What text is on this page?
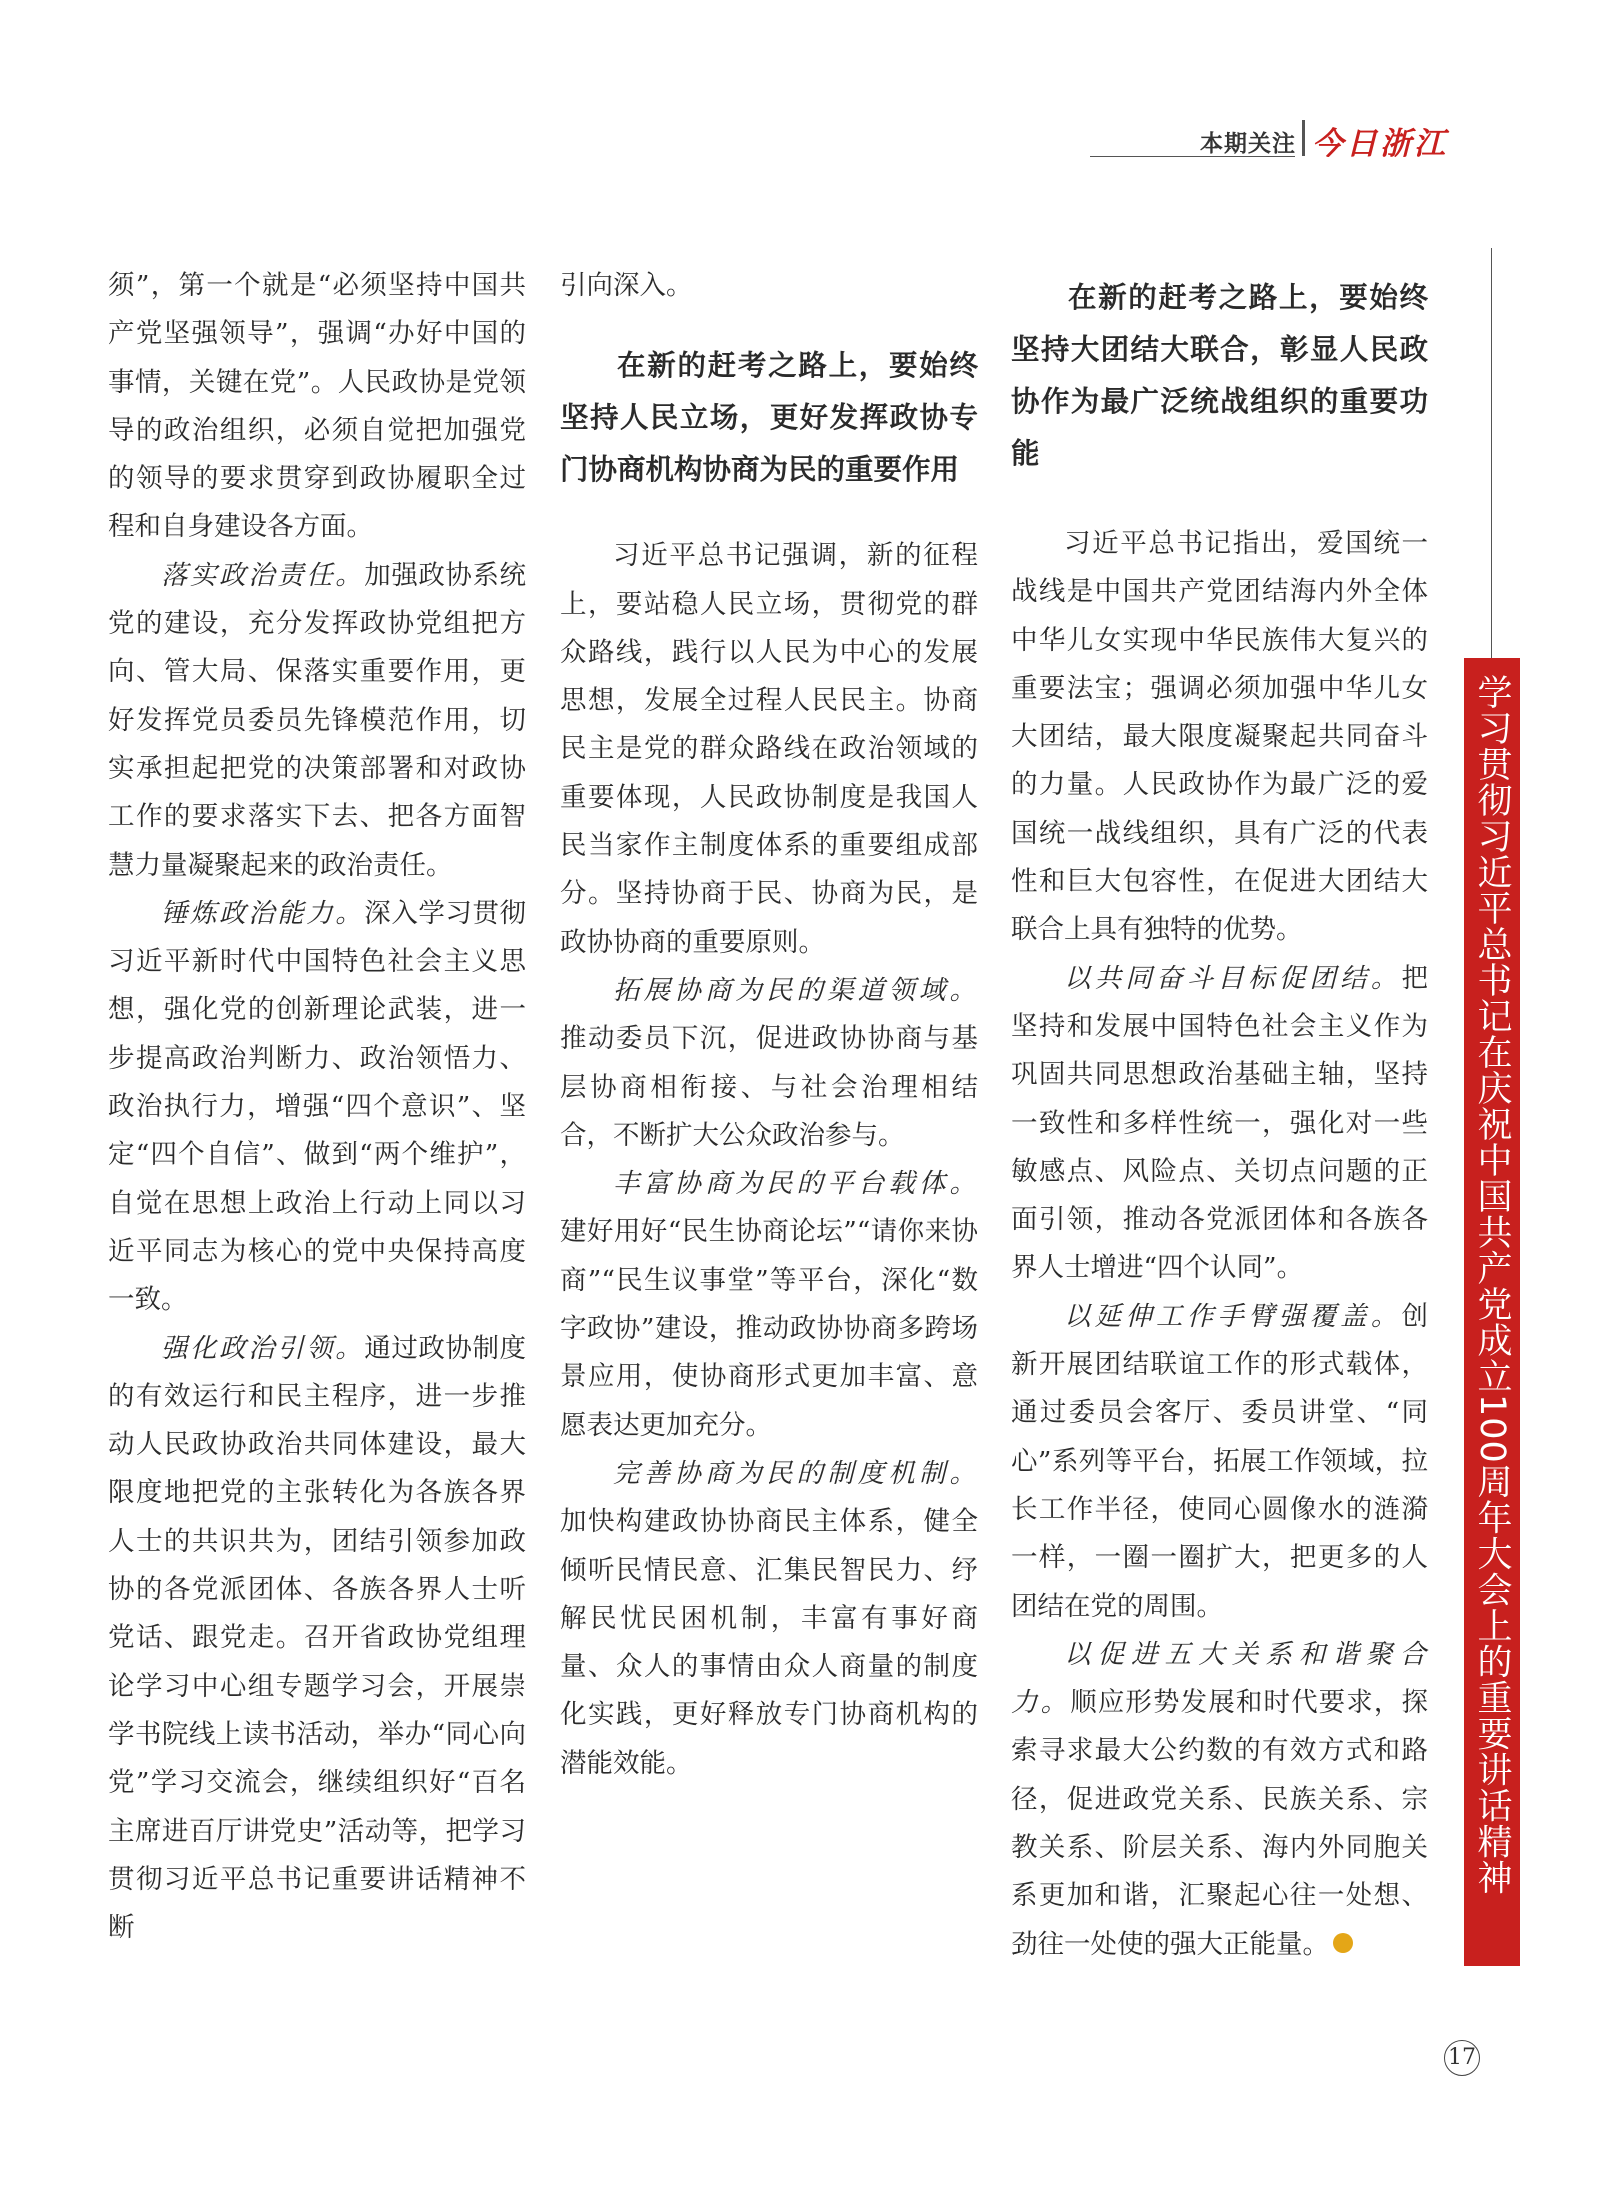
本期关注 今日浙江

须”，第一个就是“必须坚持中国共产党坚强领导”，强调“办好中国的事情，关键在党”。人民政协是党领导的政治组织，必须自觉把加强党的领导的要求贯穿到政协履职全过程和自身建设各方面。

落实政治责任。加强政协系统党的建设，充分发挥政协党组把方向、管大局、保落实重要作用，更好发挥党员委员先锋模范作用，切实承担起把党的决策部署和对政协工作的要求落实下去、把各方面智慧力量凝聚起来的政治责任。

锤炼政治能力。深入学习贯彻习近平新时代中国特色社会主义思想，强化党的创新理论武装，进一步提高政治判断力、政治领悟力、政治执行力，增强“四个意识”、坚定“四个自信”、做到“两个维护”，自觉在思想上政治上行动上同以习近平同志为核心的党中央保持高度一致。

强化政治引领。通过政协制度的有效运行和民主程序，进一步推动人民政协政治共同体建设，最大限度地把党的主张转化为各族各界人士的共识共为，团结引领参加政协的各党派团体、各族各界人士听党话、跟党走。召开省政协党组理论学习中心组专题学习会，开展崇学书院线上读书活动，举办“同心向党”学习交流会，继续组织好“百名主席进百厅讲党史”活动等，把学习贯彻习近平总书记重要讲话精神不断

引向深入。

在新的赶考之路上，要始终坚持人民立场，更好发挥政协专门协商机构协商为民的重要作用

习近平总书记强调，新的征程上，要站稳人民立场，贯彻党的群众路线，践行以人民为中心的发展思想，发展全过程人民民主。协商民主是党的群众路线在政治领域的重要体现，人民政协制度是我国人民当家作主制度体系的重要组成部分。坚持协商于民、协商为民，是政协协商的重要原则。

拓展协商为民的渠道领域。推动委员下沉，促进政协协商与基层协商相衔接、与社会治理相结合，不断扩大公众政治参与。

丰富协商为民的平台载体。建好用好“民生协商论坛”“请你来协商”“民生议事堂”等平台，深化“数字政协”建设，推动政协协商多跨场景应用，使协商形式更加丰富、意愿表达更加充分。

完善协商为民的制度机制。加快构建政协协商民主体系，健全倾听民情民意、汇集民智民力、纾解民忧民困机制，丰富有事好商量、众人的事情由众人商量的制度化实践，更好释放专门协商机构的潜能效能。

在新的赶考之路上，要始终坚持大团结大联合，彰显人民政协作为最广泛统战组织的重要功能

习近平总书记指出，爱国统一战线是中国共产党团结海内外全体中华儿女实现中华民族伟大复兴的重要法宝；强调必须加强中华儿女大团结，最大限度凝聚起共同奋斗的力量。人民政协作为最广泛的爱国统一战线组织，具有广泛的代表性和巨大包容性，在促进大团结大联合上具有独特的优势。

以共同奋斗目标促团结。把坚持和发展中国特色社会主义作为巩固共同思想政治基础主轴，坚持一致性和多样性统一，强化对一些敏感点、风险点、关切点问题的正面引领，推动各党派团体和各族各界人士增进“四个认同”。

以延伸工作手臂强覆盖。创新开展团结联谊工作的形式载体，通过委员会客厅、委员讲堂、“同心”系列等平台，拓展工作领域，拉长工作半径，使同心圆像水的涟漪一样，一圈一圈扩大，把更多的人团结在党的周围。

以促进五大关系和谐聚合力。顺应形势发展和时代要求，探索寻求最大公约数的有效方式和路径，促进政党关系、民族关系、宗教关系、阶层关系、海内外同胞关系更加和谐，汇聚起心往一处想、劲往一处使的强大正能量。

学习贯彻习近平总书记在庆祝中国共产党成立100周年大会上的重要讲话精神
17
